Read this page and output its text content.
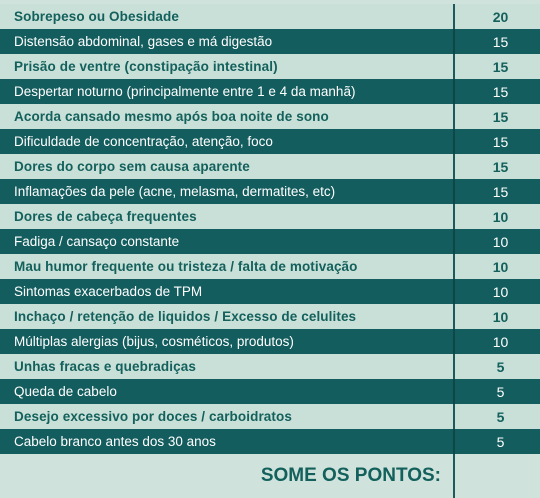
Sobrepeso ou Obesidade	20
Distensão abdominal, gases e má digestão	15
Prisão de ventre (constipação intestinal)	15
Despertar noturno (principalmente entre 1 e 4 da manhã)	15
Acorda cansado mesmo após boa noite de sono	15
Dificuldade de concentração, atenção, foco	15
Dores do corpo sem causa aparente	15
Inflamações da pele (acne, melasma, dermatites, etc)	15
Dores de cabeça frequentes	10
Fadiga / cansaço constante	10
Mau humor frequente ou tristeza / falta de motivação	10
Sintomas exacerbados de TPM	10
Inchaço / retenção de liquidos / Excesso de celulites	10
Múltiplas alergias (bijus, cosméticos, produtos)	10
Unhas fracas e quebradiças	5
Queda de cabelo	5
Desejo excessivo por doces / carboidratos	5
Cabelo branco antes dos 30 anos	5
SOME OS PONTOS:
